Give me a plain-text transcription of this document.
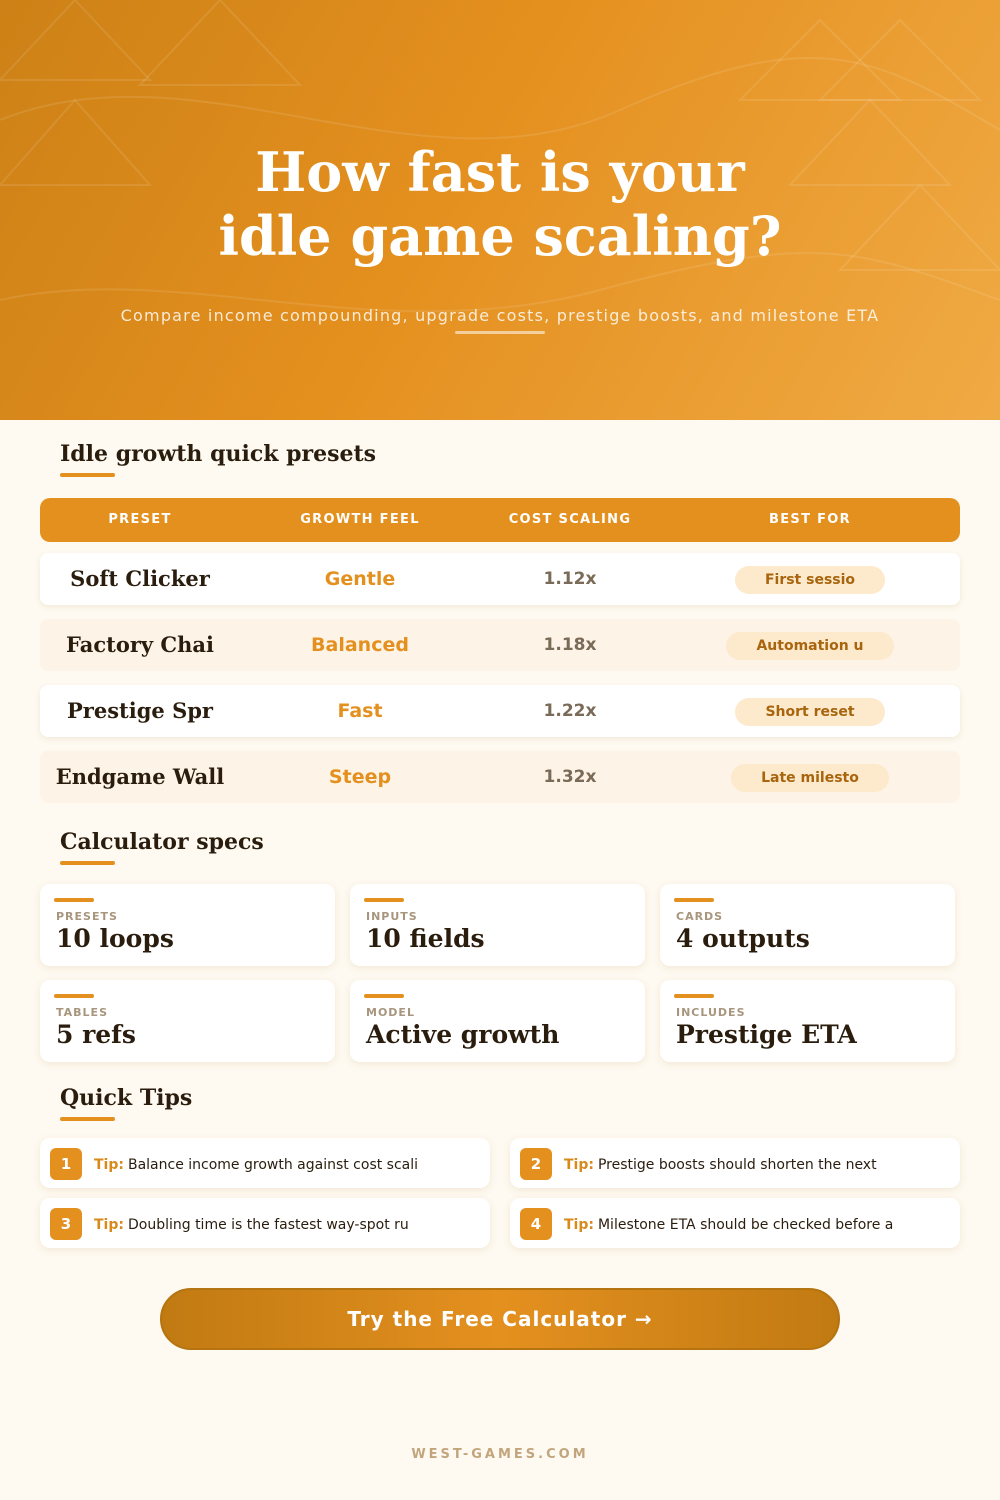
How fast is your
idle game scaling?
Compare income compounding, upgrade costs, prestige boosts, and milestone ETA
Idle growth quick presets
PRESET	GROWTH FEEL	COST SCALING	BEST FOR
Soft Clicker	Gentle	1.12x	First sessio
Factory Chai	Balanced	1.18x	Automation u
Prestige Spr	Fast	1.22x	Short reset
Endgame Wall	Steep	1.32x	Late milesto
Calculator specs
PRESETS
10 loops
INPUTS
10 fields
CARDS
4 outputs
TABLES
5 refs
MODEL
Active growth
INCLUDES
Prestige ETA
Quick Tips
1	Tip: Balance income growth against cost scali	2	Tip: Prestige boosts should shorten the next
3	Tip: Doubling time is the fastest way-spot ru	4	Tip: Milestone ETA should be checked before a
Try the Free Calculator →
WEST-GAMES.COM
